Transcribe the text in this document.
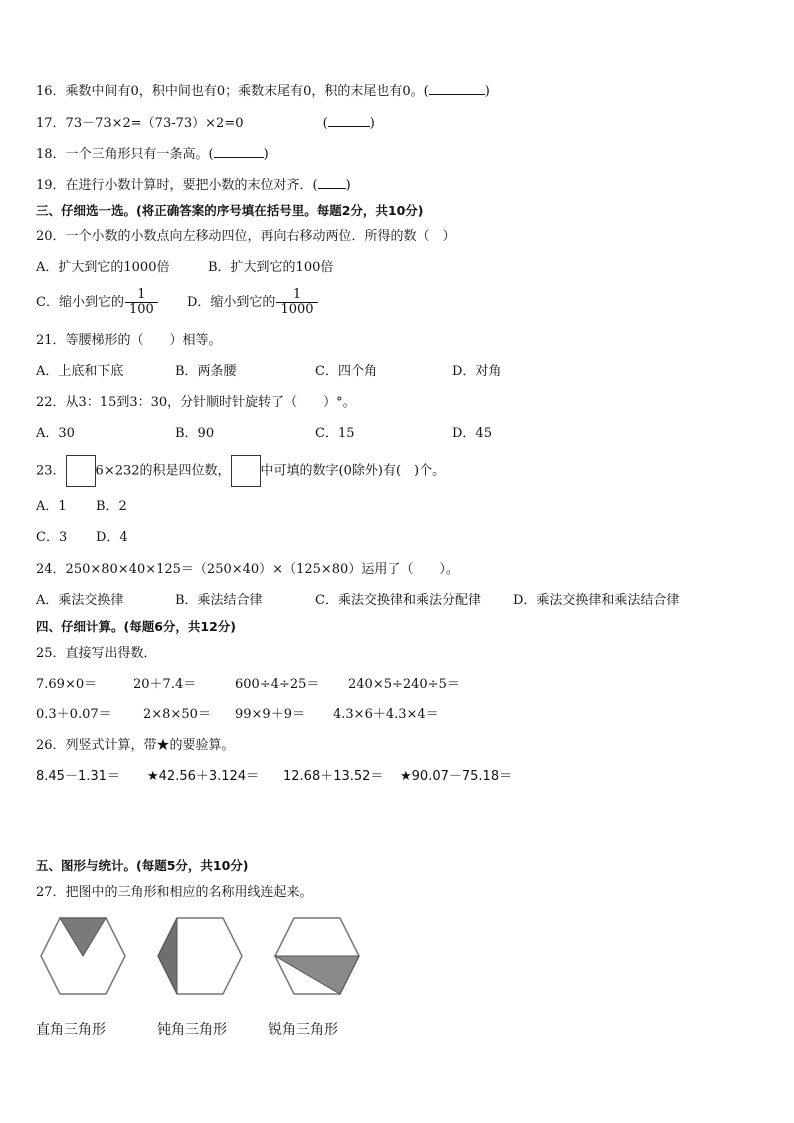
16．乘数中间有0，积中间也有0；乘数末尾有0，积的末尾也有0。(	)
17．73－73×2=（73-73）×2=0	(	)
18．一个三角形只有一条高。(	)
19．在进行小数计算时，要把小数的末位对齐．( )
三、仔细选一选。(将正确答案的序号填在括号里。每题2分，共10分)
20．一个小数的小数点向左移动四位，再向右移动两位．所得的数（　）
A．扩大到它的1000倍	B．扩大到它的100倍
C．缩小到它的 $\frac{1}{100}$ D．缩小到它的 $\frac{1}{1000}$
21．等腰梯形的（　　）相等。
A．上底和下底	B．两条腰	C．四个角	D．对角
22．从3：15到3：30，分针顺时针旋转了（　　）°。
A．30	B．90	C．15	D．45
23． 6×232的积是四位数， 中可填的数字(0除外)有(　)个。
A．1 B．2
C．3 D．4
24．250×80×40×125＝（250×40）×（125×80）运用了（　　）。
A．乘法交换律	B．乘法结合律	C．乘法交换律和乘法分配律 D．乘法交换律和乘法结合律
四、仔细计算。(每题6分，共12分)
25．直接写出得数．
7.69×0＝	20＋7.4＝	600÷4÷25＝ 240×5÷240÷5＝
0.3＋0.07＝ 2×8×50＝ 99×9＋9＝ 4.3×6＋4.3×4＝
26．列竖式计算，带★的要验算。
8.45－1.31＝ ★42.56＋3.124＝ 12.68＋13.52＝ ★90.07－75.18＝
五、图形与统计。(每题5分，共10分)
27．把图中的三角形和相应的名称用线连起来。
直角三角形	钝角三角形	锐角三角形
